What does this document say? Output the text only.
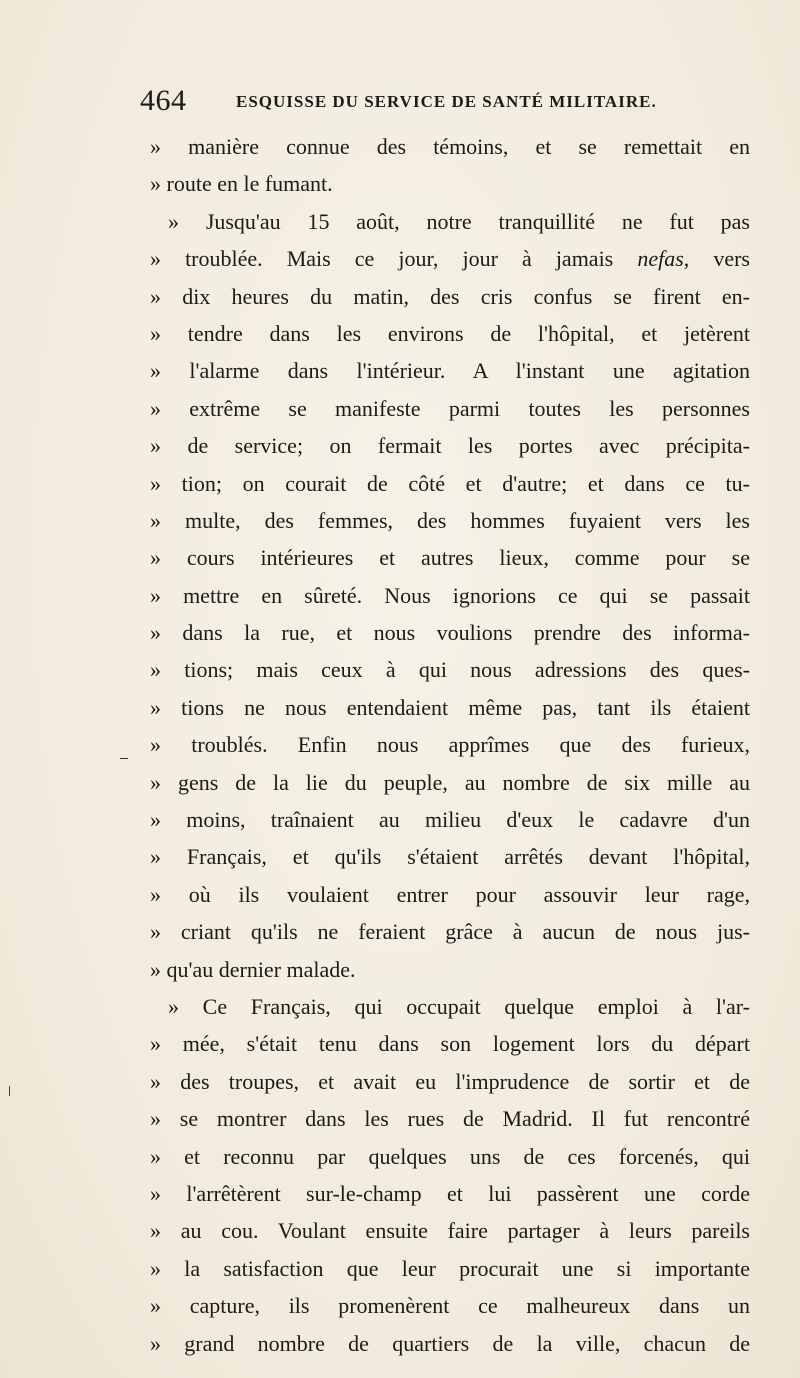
464	ESQUISSE DU SERVICE DE SANTÉ MILITAIRE.
» manière connue des témoins, et se remettait en
» route en le fumant.
» Jusqu'au 15 août, notre tranquillité ne fut pas
» troublée. Mais ce jour, jour à jamais nefas, vers
» dix heures du matin, des cris confus se firent en-
» tendre dans les environs de l'hôpital, et jetèrent
» l'alarme dans l'intérieur. A l'instant une agitation
» extrême se manifeste parmi toutes les personnes
» de service; on fermait les portes avec précipita-
» tion; on courait de côté et d'autre; et dans ce tu-
» multe, des femmes, des hommes fuyaient vers les
» cours intérieures et autres lieux, comme pour se
» mettre en sûreté. Nous ignorions ce qui se passait
» dans la rue, et nous voulions prendre des informa-
» tions; mais ceux à qui nous adressions des ques-
» tions ne nous entendaient même pas, tant ils étaient
» troublés. Enfin nous apprîmes que des furieux,
» gens de la lie du peuple, au nombre de six mille au
» moins, traînaient au milieu d'eux le cadavre d'un
» Français, et qu'ils s'étaient arrêtés devant l'hôpital,
» où ils voulaient entrer pour assouvir leur rage,
» criant qu'ils ne feraient grâce à aucun de nous jus-
» qu'au dernier malade.
» Ce Français, qui occupait quelque emploi à l'ar-
» mée, s'était tenu dans son logement lors du départ
» des troupes, et avait eu l'imprudence de sortir et de
» se montrer dans les rues de Madrid. Il fut rencontré
» et reconnu par quelques uns de ces forcenés, qui
» l'arrêtèrent sur-le-champ et lui passèrent une corde
» au cou. Voulant ensuite faire partager à leurs pareils
» la satisfaction que leur procurait une si importante
» capture, ils promenèrent ce malheureux dans un
» grand nombre de quartiers de la ville, chacun de
